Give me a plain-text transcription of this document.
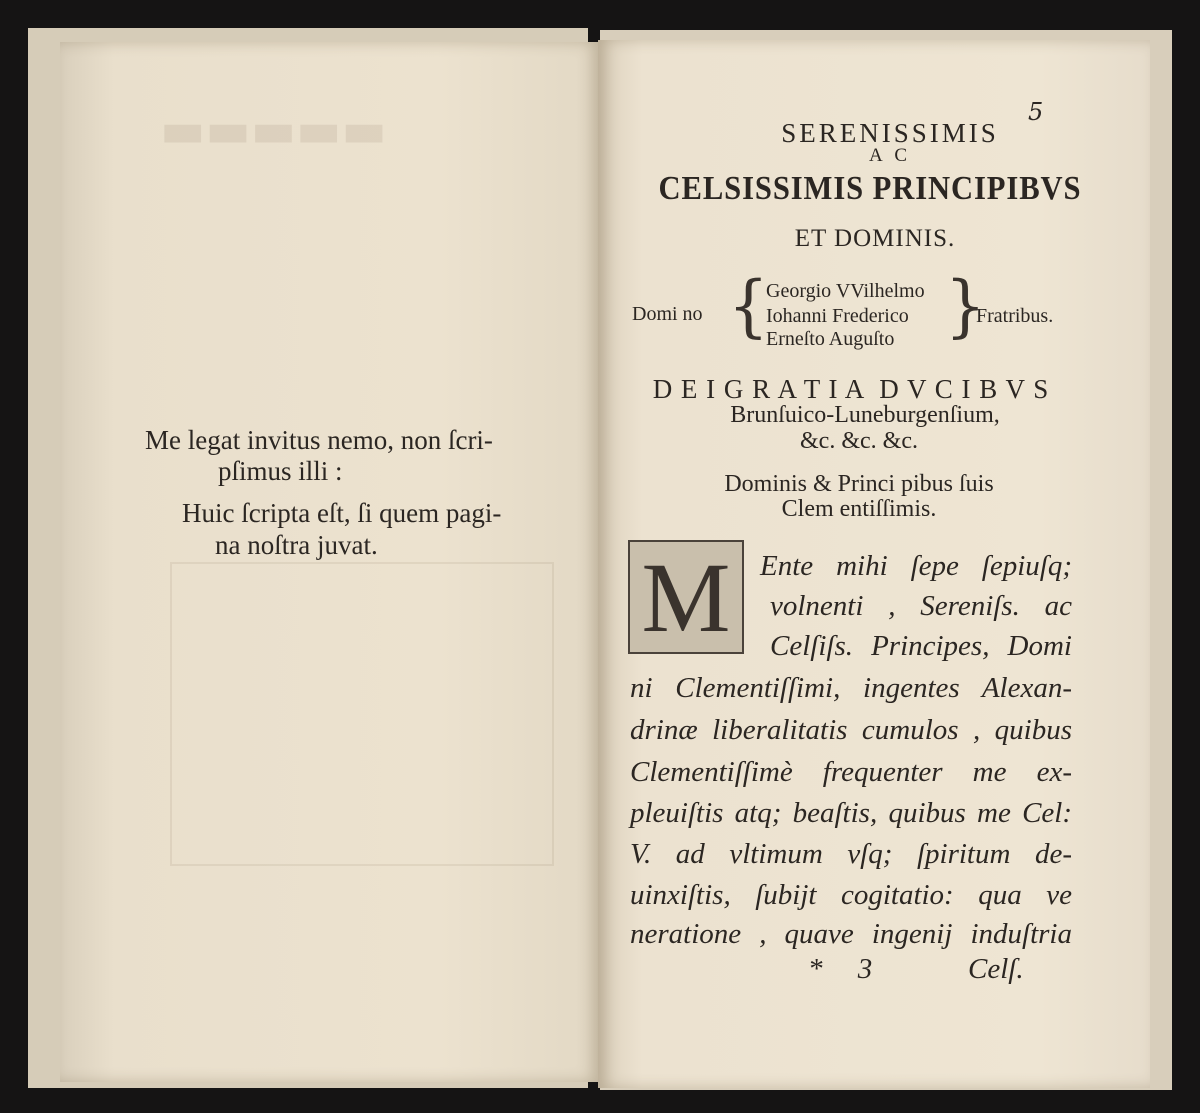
▬▬▬▬▬
Me legat invitus nemo, non ſcri-
pſimus illi :
Huic ſcripta eſt, ſi quem pagi-
na noſtra juvat.
5
SERENISSIMIS
A C
CELSISSIMIS PRINCIPIBVS
ET DOMINIS.
Domi no {
Georgio VVilhelmo
Iohanni Frederico
Erneſto Auguſto }
Fratribus.
D E I G R A T I A  D V C I B V S
Brunſuico-Luneburgenſium,
&c. &c. &c.
Dominis & Princi pibus ſuis
Clem entiſſimis.
M	Ente mihi ſepe ſepiuſq;
volnenti , Sereniſs. ac
Celſiſs. Principes, Domi
ni Clementiſſimi, ingentes Alexan-
drinæ liberalitatis cumulos , quibus
Clementiſſimè frequenter me ex-
pleuiſtis atq; beaſtis, quibus me Cel:
V. ad vltimum vſq; ſpiritum de-
uinxiſtis, ſubijt cogitatio: qua ve
neratione , quave ingenij induſtria
* 3	Celſ.
